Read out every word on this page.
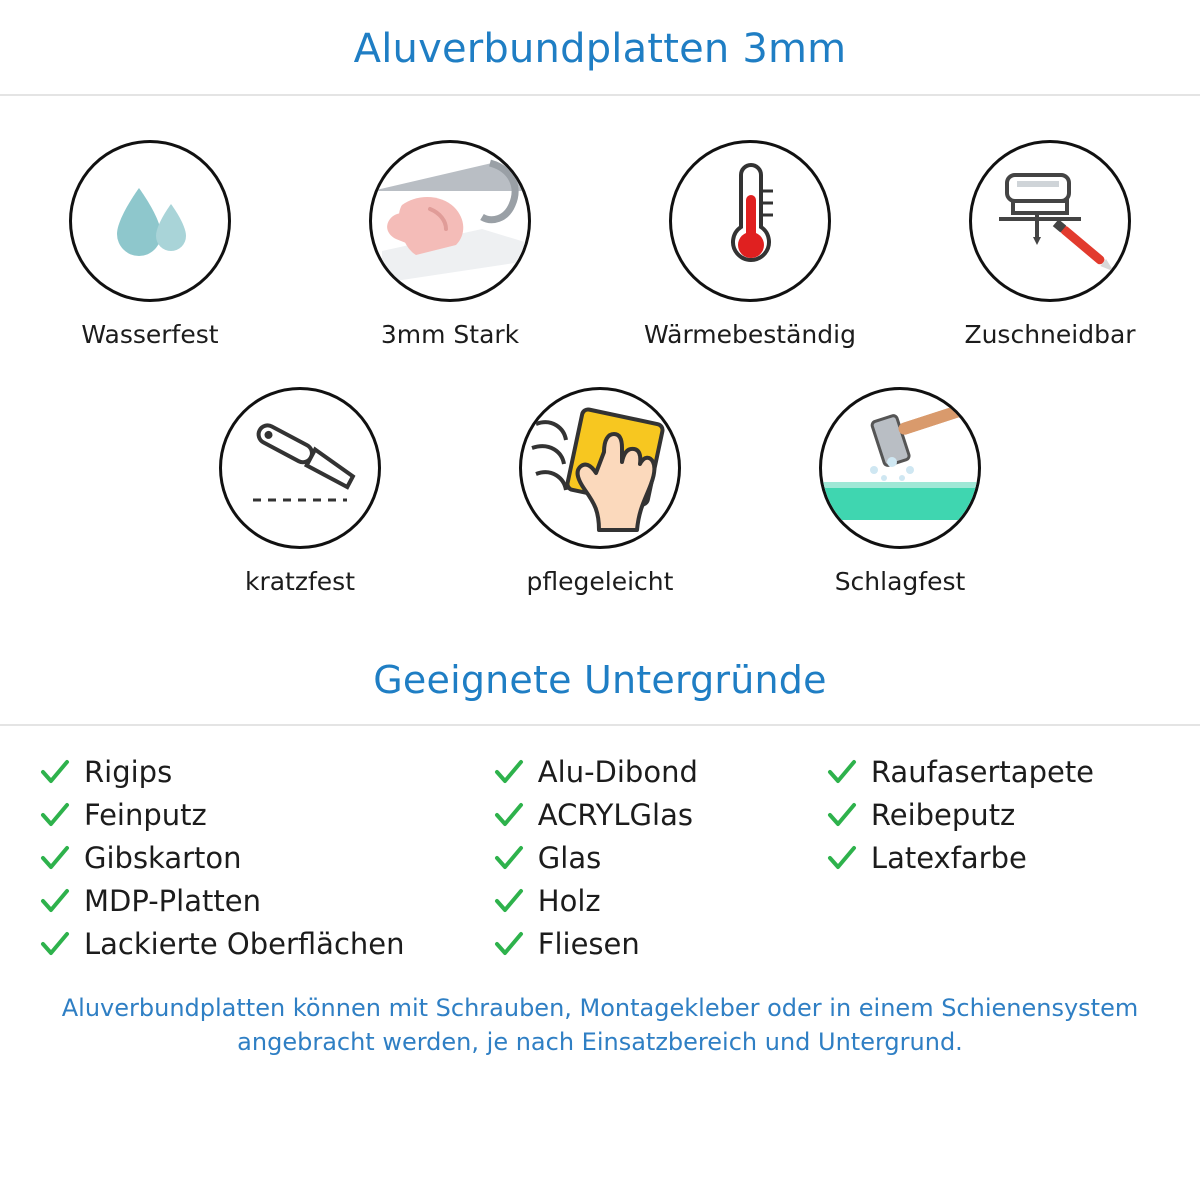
Aluverbundplatten 3mm
Wasserfest	3mm Stark	Wärmebeständig	Zuschneidbar
kratzfest	pflegeleicht	Schlagfest
Geeignete Untergründe
Rigips
Feinputz
Gibskarton
MDP-Platten
Lackierte Oberflächen
Alu-Dibond
ACRYLGlas
Glas
Holz
Fliesen
Raufasertapete
Reibeputz
Latexfarbe
Aluverbundplatten können mit Schrauben, Montagekleber oder in einem Schienensystem angebracht werden, je nach Einsatzbereich und Untergrund.
